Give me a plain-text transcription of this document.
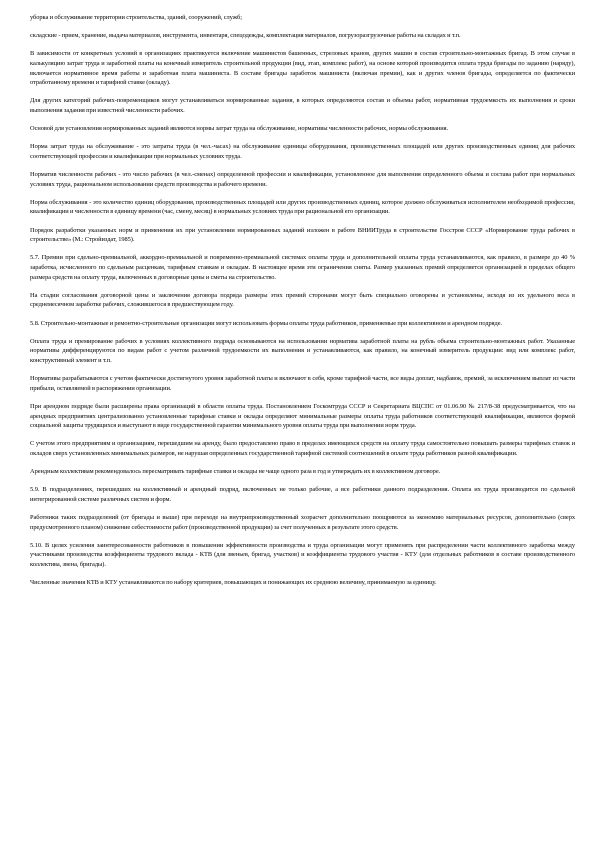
уборка и обслуживание территории строительства, зданий, сооружений, служб;

складские - прием, хранение, выдача материалов, инструмента, инвентаря, спецодежды, комплектация материалов, погрузоразгрузочные работы на складах и т.п.

В зависимости от конкретных условий в организациях практикуется включение машинистов башенных, стреловых кранов, других машин в состав строительно-монтажных бригад. В этом случае в калькуляцию затрат труда и заработной платы на конечный измеритель строительной продукции (вид, этап, комплекс работ), на основе которой производится оплата труда бригады по заданию (наряду), включается нормативное время работы и заработная плата машиниста. В составе бригады заработок машиниста (включая премии), как и других членов бригады, определяется по фактически отработанному времени и тарифной ставке (окладу).

Для других категорий рабочих-повременщиков могут устанавливаться нормированные задания, в которых определяются состав и объемы работ, нормативная трудоемкость их выполнения и сроки выполнения задания при известной численности рабочих.

Основой для установления нормированных заданий являются нормы затрат труда на обслуживание, нормативы численности рабочих, нормы обслуживания.

Норма затрат труда на обслуживание - это затраты труда (в чел.-часах) на обслуживание единицы оборудования, производственных площадей или других производственных единиц для рабочих соответствующей профессии и квалификации при нормальных условиях труда.

Норматив численности рабочих - это число рабочих (в чел.-сменах) определенной профессии и квалификации, установленное для выполнения определенного объема и состава работ при нормальных условиях труда, рациональном использовании средств производства и рабочего времени.

Норма обслуживания - это количество единиц оборудования, производственных площадей или других производственных единиц, которое должно обслуживаться исполнителем необходимой профессии, квалификации и численности в единицу времени (час, смену, месяц) в нормальных условиях труда при рациональной его организации.

Порядок разработки указанных норм и применения их при установлении нормированных заданий изложен в работе ВНИИТруда в строительстве Госстроя СССР «Нормирование труда рабочих в строительстве» (М.: Стройиздат, 1985).

5.7. Премии при сдельно-премиальной, аккордно-премиальной и повременно-премиальной системах оплаты труда и дополнительной оплаты труда устанавливаются, как правило, в размере до 40 % заработка, исчисленного по сдельным расценкам, тарифным ставкам и окладам. В настоящее время эти ограничения сняты. Размер указанных премий определяется организацией в пределах общего размера средств на оплату труда, включенных в договорные цены и сметы на строительство.

На стадии согласования договорной цены и заключения договора подряда размеры этих премий сторонами могут быть специально оговорены и установлены, исходя из их удельного веса в среднемесячном заработке рабочих, сложившегося в предшествующем году.

5.8. Строительно-монтажные и ремонтно-строительные организации могут использовать формы оплаты труда работников, применяемые при коллективном и арендном подряде.

Оплата труда и премирование рабочих в условиях коллективного подряда основываются на использовании норматива заработной платы на рубль объема строительно-монтажных работ. Указанные нормативы дифференцируются по видам работ с учетом различной трудоемкости их выполнения и устанавливаются, как правило, на конечный измеритель продукции: вид или комплекс работ, конструктивный элемент и т.п.

Нормативы разрабатываются с учетом фактически достигнутого уровня заработной платы и включают в себя, кроме тарифной части, все виды доплат, надбавок, премий, за исключением выплат из части прибыли, оставляемой в распоряжении организации.

При арендном подряде были расширены права организаций в области оплаты труда. Постановлением Госкомтруда СССР и Секретариата ВЦСПС от 01.06.90 № 217/8-38 предусматривается, что на арендных предприятиях централизованно установленные тарифные ставки и оклады определяют минимальные размеры оплаты труда работников соответствующей квалификации, являются формой социальной защиты трудящихся и выступают в виде государственной гарантии минимального уровня оплаты труда при выполнении норм труда.

С учетом этого предприятиям и организациям, перешедшим на аренду, было предоставлено право в пределах имеющихся средств на оплату труда самостоятельно повышать размеры тарифных ставок и окладов сверх установленных минимальных размеров, не нарушая определенных государственной тарифной системой соотношений в оплате труда работников разной квалификации.

Арендным коллективам рекомендовалось пересматривать тарифные ставки и оклады не чаще одного раза в год и утверждать их в коллективном договоре.

5.9. В подразделениях, перешедших на коллективный и арендный подряд, включенных не только рабочие, а все работники данного подразделения. Оплата их труда производится по сдельной интегрированной системе различных систем и форм.

Работники таких подразделений (от бригады и выше) при переходе на внутрипроизводственный хозрасчет дополнительно поощряются за экономию материальных ресурсов, дополнительно (сверх предусмотренного планом) снижение себестоимости работ (производственной продукции) за счет полученных в результате этого средств.

5.10. В целях усиления заинтересованности работников в повышении эффективности производства и труда организации могут применять при распределении части коллективного заработка между участниками производства коэффициенты трудового вклада - КТВ (для звеньев, бригад, участков) и коэффициенты трудового участия - КТУ (для отдельных работников в составе производственного коллектива, звена, бригады).

Численные значения КТВ и КТУ устанавливаются по набору критериев, повышающих и понижающих их среднюю величину, принимаемую за единицу.
